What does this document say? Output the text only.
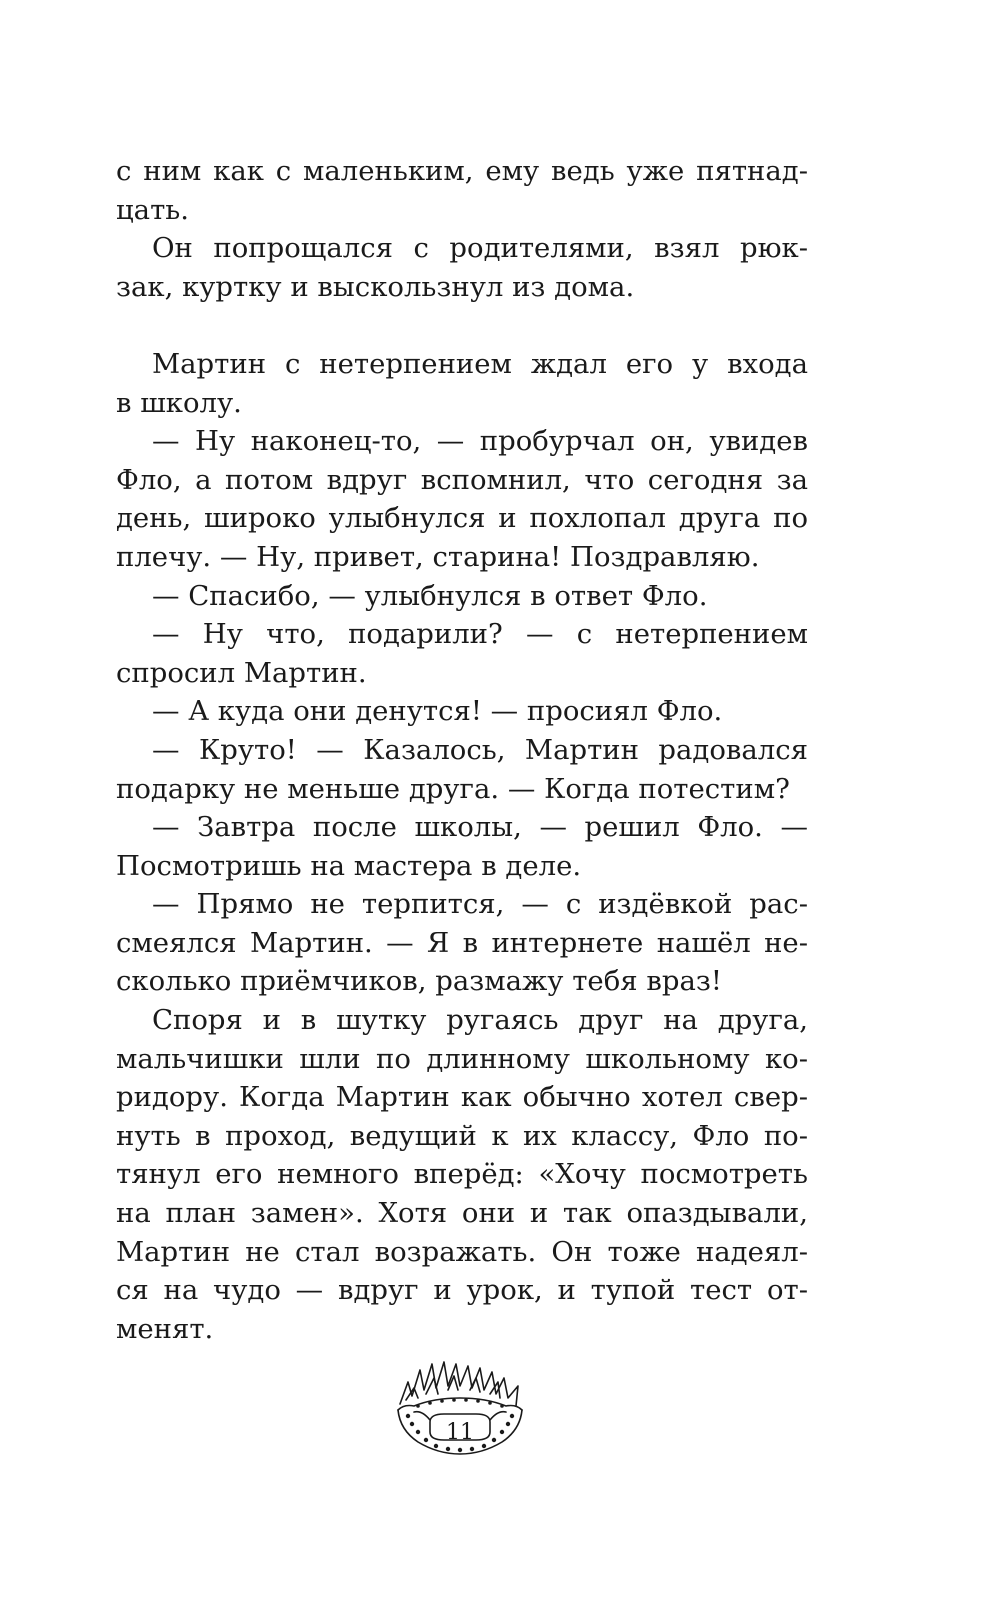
с ним как с маленьким, ему ведь уже пятнад-
цать.
Он попрощался с родителями, взял рюк-
зак, куртку и выскользнул из дома.
Мартин с нетерпением ждал его у входа
в школу.
— Ну наконец-то, — пробурчал он, увидев
Фло, а потом вдруг вспомнил, что сегодня за
день, широко улыбнулся и похлопал друга по
плечу. — Ну, привет, старина! Поздравляю.
— Спасибо, — улыбнулся в ответ Фло.
— Ну что, подарили? — с нетерпением
спросил Мартин.
— А куда они денутся! — просиял Фло.
— Круто! — Казалось, Мартин радовался
подарку не меньше друга. — Когда потестим?
— Завтра после школы, — решил Фло. —
Посмотришь на мастера в деле.
— Прямо не терпится, — с издёвкой рас-
смеялся Мартин. — Я в интернете нашёл не-
сколько приёмчиков, размажу тебя враз!
Споря и в шутку ругаясь друг на друга,
мальчишки шли по длинному школьному ко-
ридору. Когда Мартин как обычно хотел свер-
нуть в проход, ведущий к их классу, Фло по-
тянул его немного вперёд: «Хочу посмотреть
на план замен». Хотя они и так опаздывали,
Мартин не стал возражать. Он тоже надеял-
ся на чудо — вдруг и урок, и тупой тест от-
менят.
11
